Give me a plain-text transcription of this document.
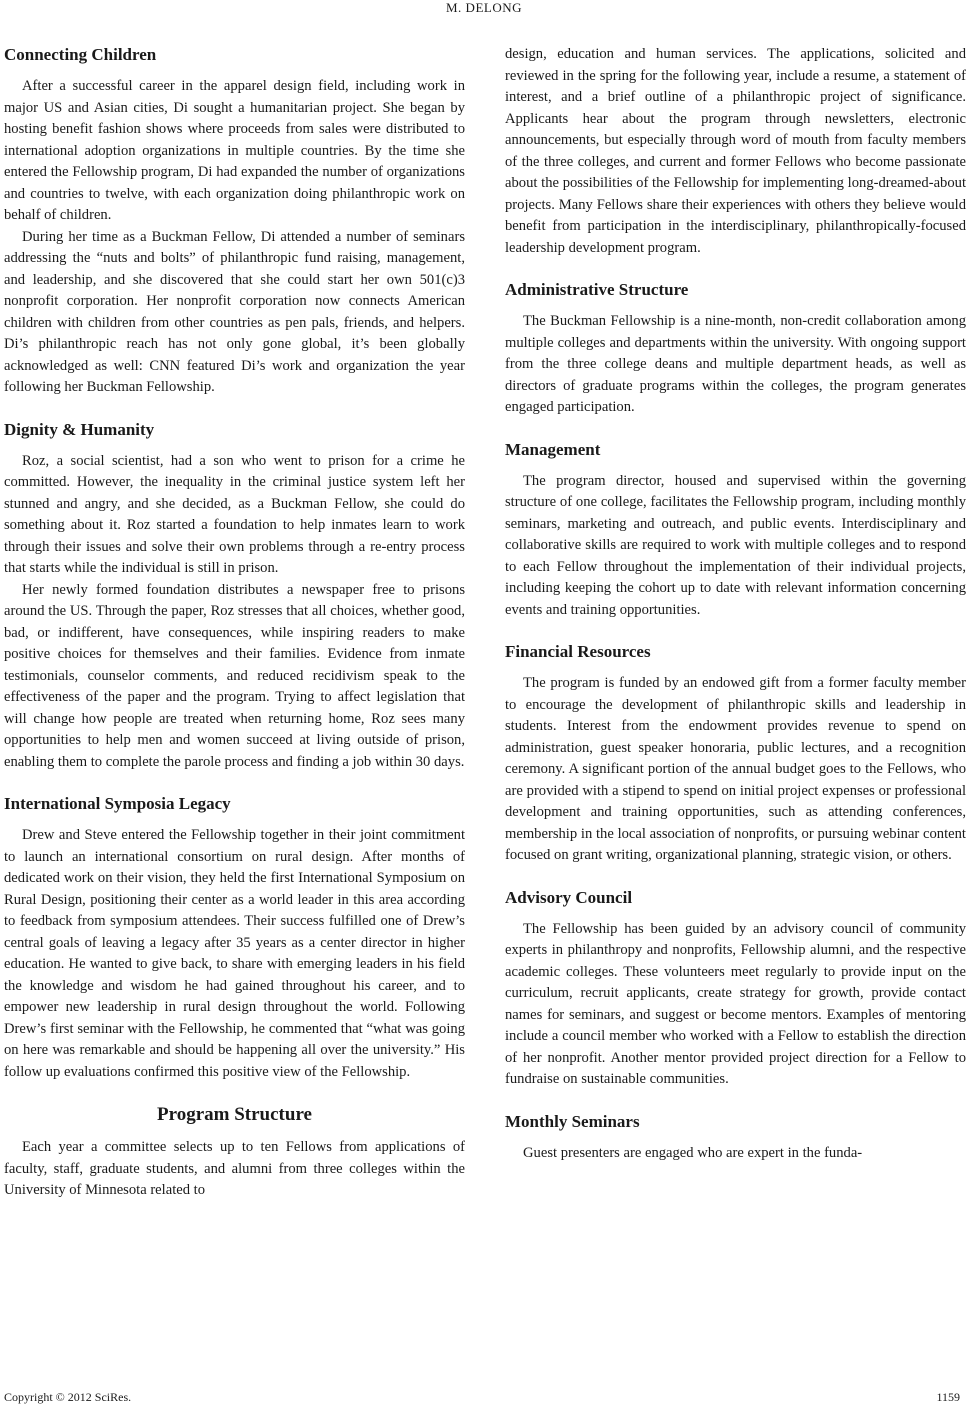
M. DELONG
Connecting Children

After a successful career in the apparel design field, including work in major US and Asian cities, Di sought a humanitarian project. She began by hosting benefit fashion shows where proceeds from sales were distributed to international adoption organizations in multiple countries. By the time she entered the Fellowship program, Di had expanded the number of organizations and countries to twelve, with each organization doing philanthropic work on behalf of children.

During her time as a Buckman Fellow, Di attended a number of seminars addressing the “nuts and bolts” of philanthropic fund raising, management, and leadership, and she discovered that she could start her own 501(c)3 nonprofit corporation. Her nonprofit corporation now connects American children with children from other countries as pen pals, friends, and helpers. Di’s philanthropic reach has not only gone global, it’s been globally acknowledged as well: CNN featured Di’s work and organization the year following her Buckman Fellowship.

Dignity & Humanity

Roz, a social scientist, had a son who went to prison for a crime he committed. However, the inequality in the criminal justice system left her stunned and angry, and she decided, as a Buckman Fellow, she could do something about it. Roz started a foundation to help inmates learn to work through their issues and solve their own problems through a re-entry process that starts while the individual is still in prison.

Her newly formed foundation distributes a newspaper free to prisons around the US. Through the paper, Roz stresses that all choices, whether good, bad, or indifferent, have consequences, while inspiring readers to make positive choices for themselves and their families. Evidence from inmate testimonials, counselor comments, and reduced recidivism speak to the effectiveness of the paper and the program. Trying to affect legislation that will change how people are treated when returning home, Roz sees many opportunities to help men and women succeed at living outside of prison, enabling them to complete the parole process and finding a job within 30 days.

International Symposia Legacy

Drew and Steve entered the Fellowship together in their joint commitment to launch an international consortium on rural design. After months of dedicated work on their vision, they held the first International Symposium on Rural Design, positioning their center as a world leader in this area according to feedback from symposium attendees. Their success fulfilled one of Drew’s central goals of leaving a legacy after 35 years as a center director in higher education. He wanted to give back, to share with emerging leaders in his field the knowledge and wisdom he had gained throughout his career, and to empower new leadership in rural design throughout the world. Following Drew’s first seminar with the Fellowship, he commented that “what was going on here was remarkable and should be happening all over the university.” His follow up evaluations confirmed this positive view of the Fellowship.

Program Structure

Each year a committee selects up to ten Fellows from applications of faculty, staff, graduate students, and alumni from three colleges within the University of Minnesota related to

design, education and human services. The applications, solicited and reviewed in the spring for the following year, include a resume, a statement of interest, and a brief outline of a philanthropic project of significance. Applicants hear about the program through newsletters, electronic announcements, but especially through word of mouth from faculty members of the three colleges, and current and former Fellows who become passionate about the possibilities of the Fellowship for implementing long-dreamed-about projects. Many Fellows share their experiences with others they believe would benefit from participation in the interdisciplinary, philanthropically-focused leadership development program.

Administrative Structure

The Buckman Fellowship is a nine-month, non-credit collaboration among multiple colleges and departments within the university. With ongoing support from the three college deans and multiple department heads, as well as directors of graduate programs within the colleges, the program generates engaged participation.

Management

The program director, housed and supervised within the governing structure of one college, facilitates the Fellowship program, including monthly seminars, marketing and outreach, and public events. Interdisciplinary and collaborative skills are required to work with multiple colleges and to respond to each Fellow throughout the implementation of their individual projects, including keeping the cohort up to date with relevant information concerning events and training opportunities.

Financial Resources

The program is funded by an endowed gift from a former faculty member to encourage the development of philanthropic skills and leadership in students. Interest from the endowment provides revenue to spend on administration, guest speaker honoraria, public lectures, and a recognition ceremony. A significant portion of the annual budget goes to the Fellows, who are provided with a stipend to spend on initial project expenses or professional development and training opportunities, such as attending conferences, membership in the local association of nonprofits, or pursuing webinar content focused on grant writing, organizational planning, strategic vision, or others.

Advisory Council

The Fellowship has been guided by an advisory council of community experts in philanthropy and nonprofits, Fellowship alumni, and the respective academic colleges. These volunteers meet regularly to provide input on the curriculum, recruit applicants, create strategy for growth, provide contact names for seminars, and suggest or become mentors. Examples of mentoring include a council member who worked with a Fellow to establish the direction of her nonprofit. Another mentor provided project direction for a Fellow to fundraise on sustainable communities.

Monthly Seminars

Guest presenters are engaged who are expert in the funda-

Copyright © 2012 SciRes.	1159
